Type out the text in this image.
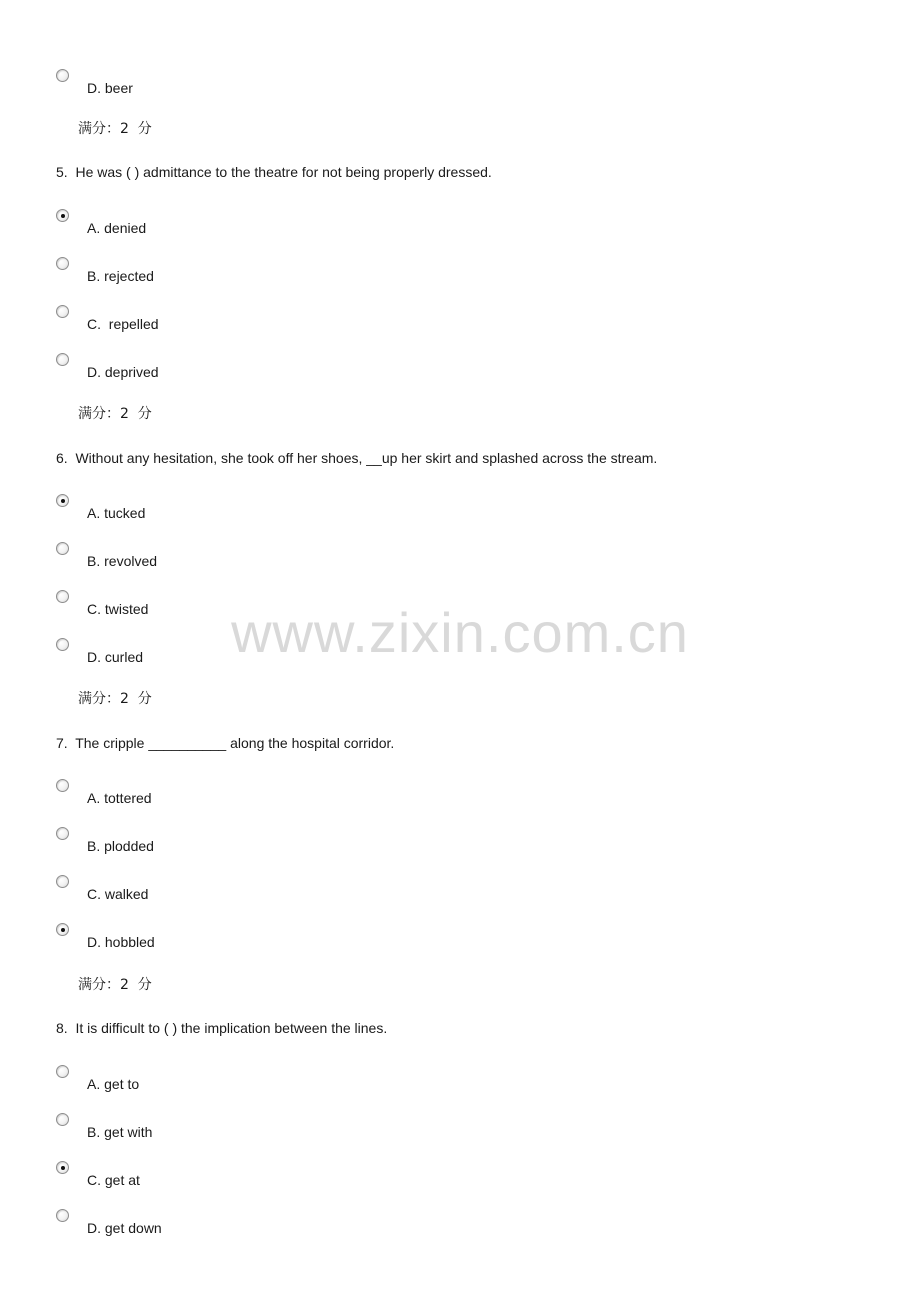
D. beer
满分：2  分
5.  He was ( ) admittance to the theatre for not being properly dressed.
A. denied
B. rejected
C.  repelled
D. deprived
满分：2  分
6.  Without any hesitation, she took off her shoes, __up her skirt and splashed across the stream.
A. tucked
B. revolved
C. twisted
D. curled
满分：2  分
7.  The cripple __________ along the hospital corridor.
A. tottered
B. plodded
C. walked
D. hobbled
满分：2  分
8.  It is difficult to ( ) the implication between the lines.
A. get to
B. get with
C. get at
D. get down
www.zixin.com.cn
